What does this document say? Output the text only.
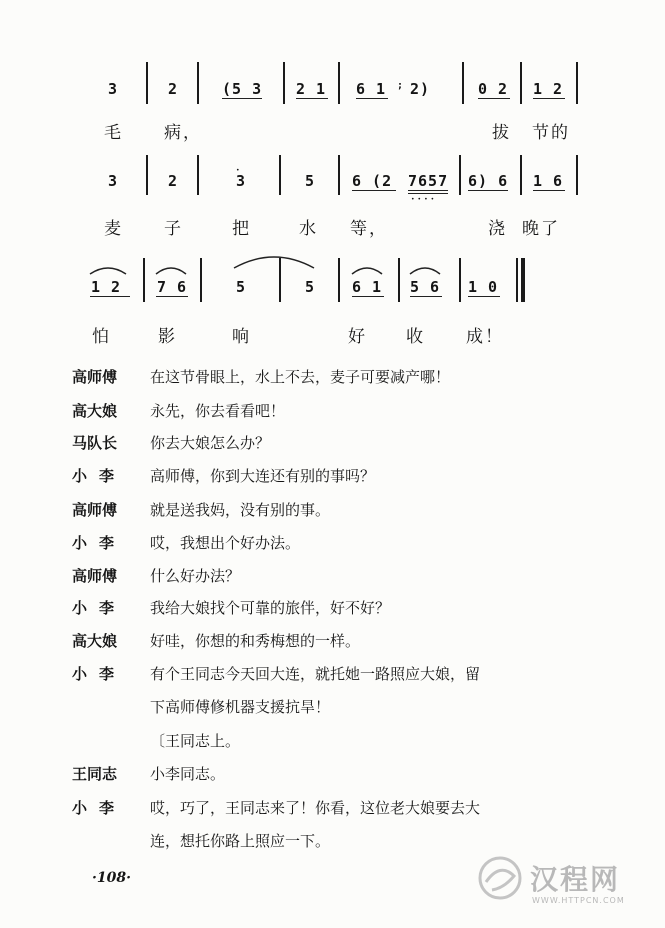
3	2	(5 3 2 1 6 1 ; 2)	0 2 1 2
毛 病，	拔 节的
3	2	3	5 6 (2 7657 6) 6 1 6
•
••••
麦 子	把	水 等，	浇 晚了
1 2 7 6	5	5 6 1 5 6 1 0
怕	影	响	好 收 成！
高师傅	在这节骨眼上，水上不去，麦子可要减产哪！
高大娘	永先，你去看看吧！
马队长	你去大娘怎么办？
小李	高师傅，你到大连还有别的事吗？
高师傅	就是送我妈，没有别的事。
小李	哎，我想出个好办法。
高师傅	什么好办法？
小李	我给大娘找个可靠的旅伴，好不好？
高大娘	好哇，你想的和秀梅想的一样。
小李	有个王同志今天回大连，就托她一路照应大娘，留
下高师傅修机器支援抗旱！
〔王同志上。
王同志	小李同志。
小李	哎，巧了，王同志来了！你看，这位老大娘要去大
连，想托你路上照应一下。
·108·	汉程网
WWW.HTTPCN.COM
